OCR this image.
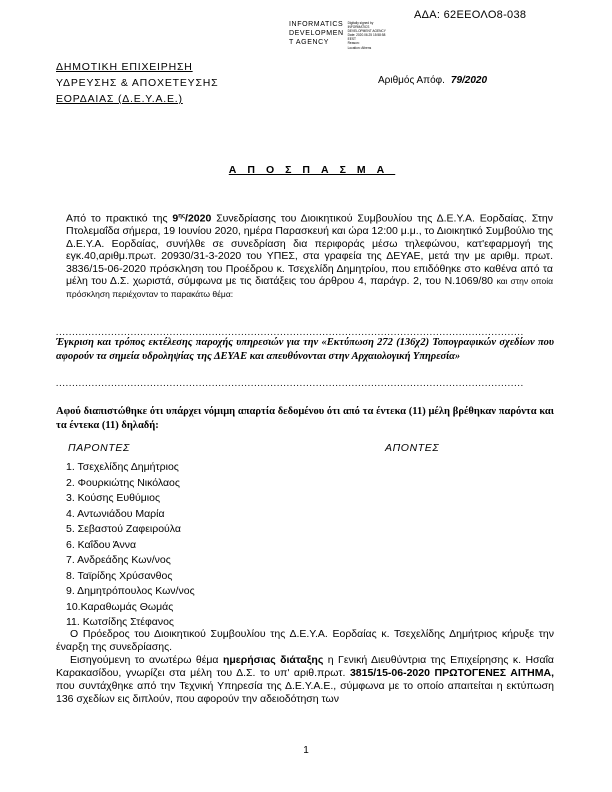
ΑΔΑ: 62ΕΕΟΛΟ8-038
INFORMATICS
DEVELOPMEN
T AGENCY
Digitally signed by
INFORMATICS
DEVELOPMENT AGENCY
Date: 2020.06.25 15:58:58
EEST
Reason:
Location: Athens
ΔΗΜΟΤΙΚΗ ΕΠΙΧΕΙΡΗΣΗ
ΥΔΡΕΥΣΗΣ & ΑΠΟΧΕΤΕΥΣΗΣ
ΕΟΡΔΑΙΑΣ (Δ.Ε.Υ.Α.Ε.)
Αριθμός Απόφ. 79/2020
ΑΠΟΣΠΑΣΜΑ
Από το πρακτικό της $9^{\eta\varsigma}/2020$ Συνεδρίασης του Διοικητικού Συμβουλίου της Δ.Ε.Υ.Α. Εορδαίας. Στην Πτολεμαΐδα σήμερα, 19 Ιουνίου 2020, ημέρα Παρασκευή και ώρα 12:00 μ.μ., το Διοικητικό Συμβούλιο της Δ.Ε.Υ.Α. Εορδαίας, συνήλθε σε συνεδρίαση δια περιφοράς μέσω τηλεφώνου, κατ'εφαρμογή της εγκ.40,αριθμ.πρωτ. 20930/31-3-2020 του ΥΠΕΣ, στα γραφεία της ΔΕΥΑΕ, μετά την με αριθμ. πρωτ. 3836/15-06-2020 πρόσκληση του Προέδρου κ. Τσεχελίδη Δημητρίου, που επιδόθηκε στο καθένα από τα μέλη του Δ.Σ. χωριστά, σύμφωνα με τις διατάξεις του άρθρου 4, παράγρ. 2, του Ν.1069/80 και στην οποία πρόσκληση περιέχονταν το παρακάτω θέμα:
................................................................................................................................................
Έγκριση και τρόπος εκτέλεσης παροχής υπηρεσιών για την «Εκτύπωση 272 (136χ2) Τοπογραφικών σχεδίων που αφορούν τα σημεία υδροληψίας της ΔΕΥΑΕ και απευθύνονται στην Αρχαιολογική Υπηρεσία»
................................................................................................................................................
Αφού διαπιστώθηκε ότι υπάρχει νόμιμη απαρτία δεδομένου ότι από τα έντεκα (11) μέλη βρέθηκαν παρόντα και τα έντεκα (11) δηλαδή:
ΠΑΡΟΝΤΕΣ	ΑΠΟΝΤΕΣ
1. Τσεχελίδης Δημήτριος
2. Φουρκιώτης Νικόλαος
3. Κούσης Ευθύμιος
4. Αντωνιάδου Μαρία
5. Σεβαστού Ζαφειρούλα
6. Καΐδου Άννα
7. Ανδρεάδης Κων/νος
8. Ταϊρίδης Χρύσανθος
9. Δημητρόπουλος Κων/νος
10.Καραθωμάς Θωμάς
11. Κωτσίδης Στέφανος

Ο Πρόεδρος του Διοικητικού Συμβουλίου της Δ.Ε.Υ.Α. Εορδαίας κ. Τσεχελίδης Δημήτριος κήρυξε την έναρξη της συνεδρίασης.

Εισηγούμενη το ανωτέρω θέμα ημερήσιας διάταξης η Γενική Διευθύντρια της Επιχείρησης κ. Ησαΐα Καρακασίδου, γνωρίζει στα μέλη του Δ.Σ. το υπ' αριθ.πρωτ. 3815/15-06-2020 ΠΡΩΤΟΓΕΝΕΣ ΑΙΤΗΜΑ, που συντάχθηκε από την Τεχνική Υπηρεσία της Δ.Ε.Υ.Α.Ε., σύμφωνα με το οποίο απαιτείται η εκτύπωση 136 σχεδίων εις διπλούν, που αφορούν την αδειοδότηση των

1
